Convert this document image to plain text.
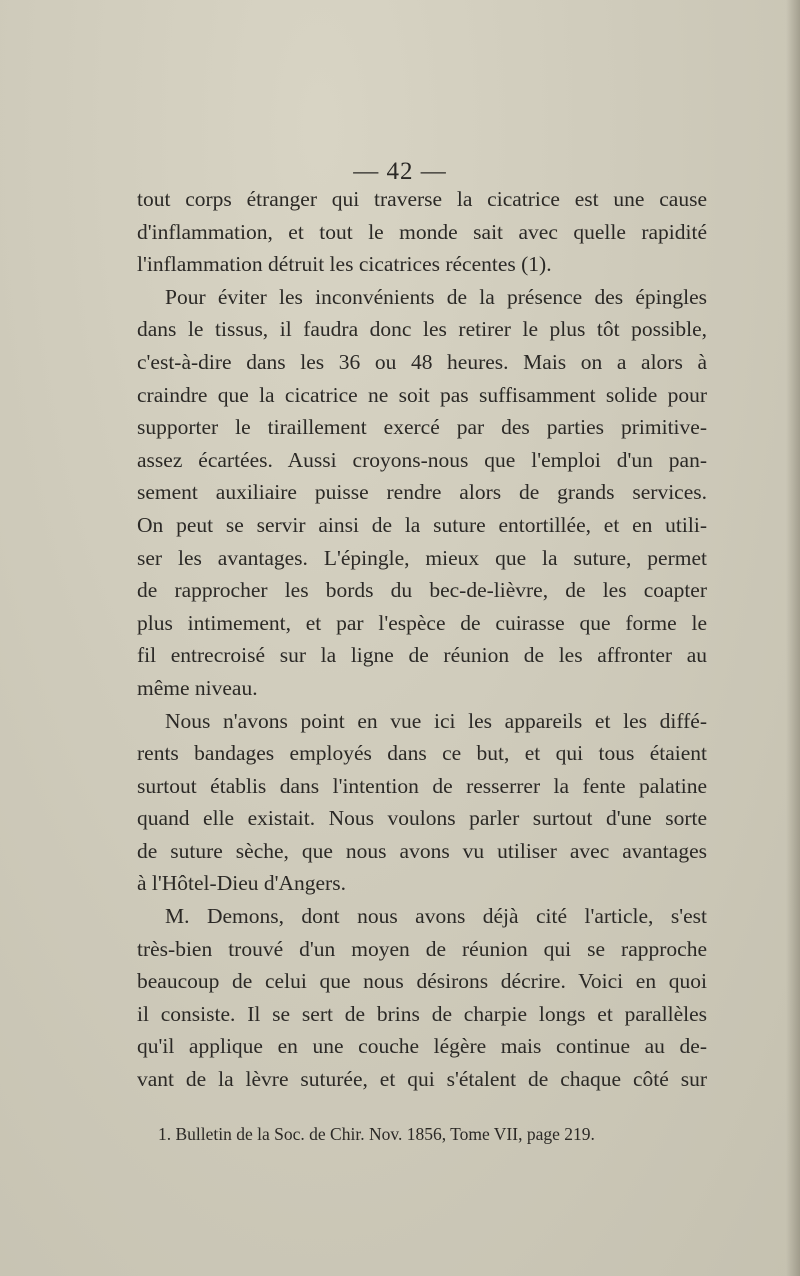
— 42 —
tout corps étranger qui traverse la cicatrice est une cause
d'inflammation, et tout le monde sait avec quelle rapidité
l'inflammation détruit les cicatrices récentes (1).
Pour éviter les inconvénients de la présence des épingles
dans le tissus, il faudra donc les retirer le plus tôt possible,
c'est-à-dire dans les 36 ou 48 heures. Mais on a alors à
craindre que la cicatrice ne soit pas suffisamment solide pour
supporter le tiraillement exercé par des parties primitive-
assez écartées. Aussi croyons-nous que l'emploi d'un pan-
sement auxiliaire puisse rendre alors de grands services.
On peut se servir ainsi de la suture entortillée, et en utili-
ser les avantages. L'épingle, mieux que la suture, permet
de rapprocher les bords du bec-de-lièvre, de les coapter
plus intimement, et par l'espèce de cuirasse que forme le
fil entrecroisé sur la ligne de réunion de les affronter au
même niveau.
Nous n'avons point en vue ici les appareils et les diffé-
rents bandages employés dans ce but, et qui tous étaient
surtout établis dans l'intention de resserrer la fente palatine
quand elle existait. Nous voulons parler surtout d'une sorte
de suture sèche, que nous avons vu utiliser avec avantages
à l'Hôtel-Dieu d'Angers.
M. Demons, dont nous avons déjà cité l'article, s'est
très-bien trouvé d'un moyen de réunion qui se rapproche
beaucoup de celui que nous désirons décrire. Voici en quoi
il consiste. Il se sert de brins de charpie longs et parallèles
qu'il applique en une couche légère mais continue au de-
vant de la lèvre suturée, et qui s'étalent de chaque côté sur
1. Bulletin de la Soc. de Chir. Nov. 1856, Tome VII, page 219.
